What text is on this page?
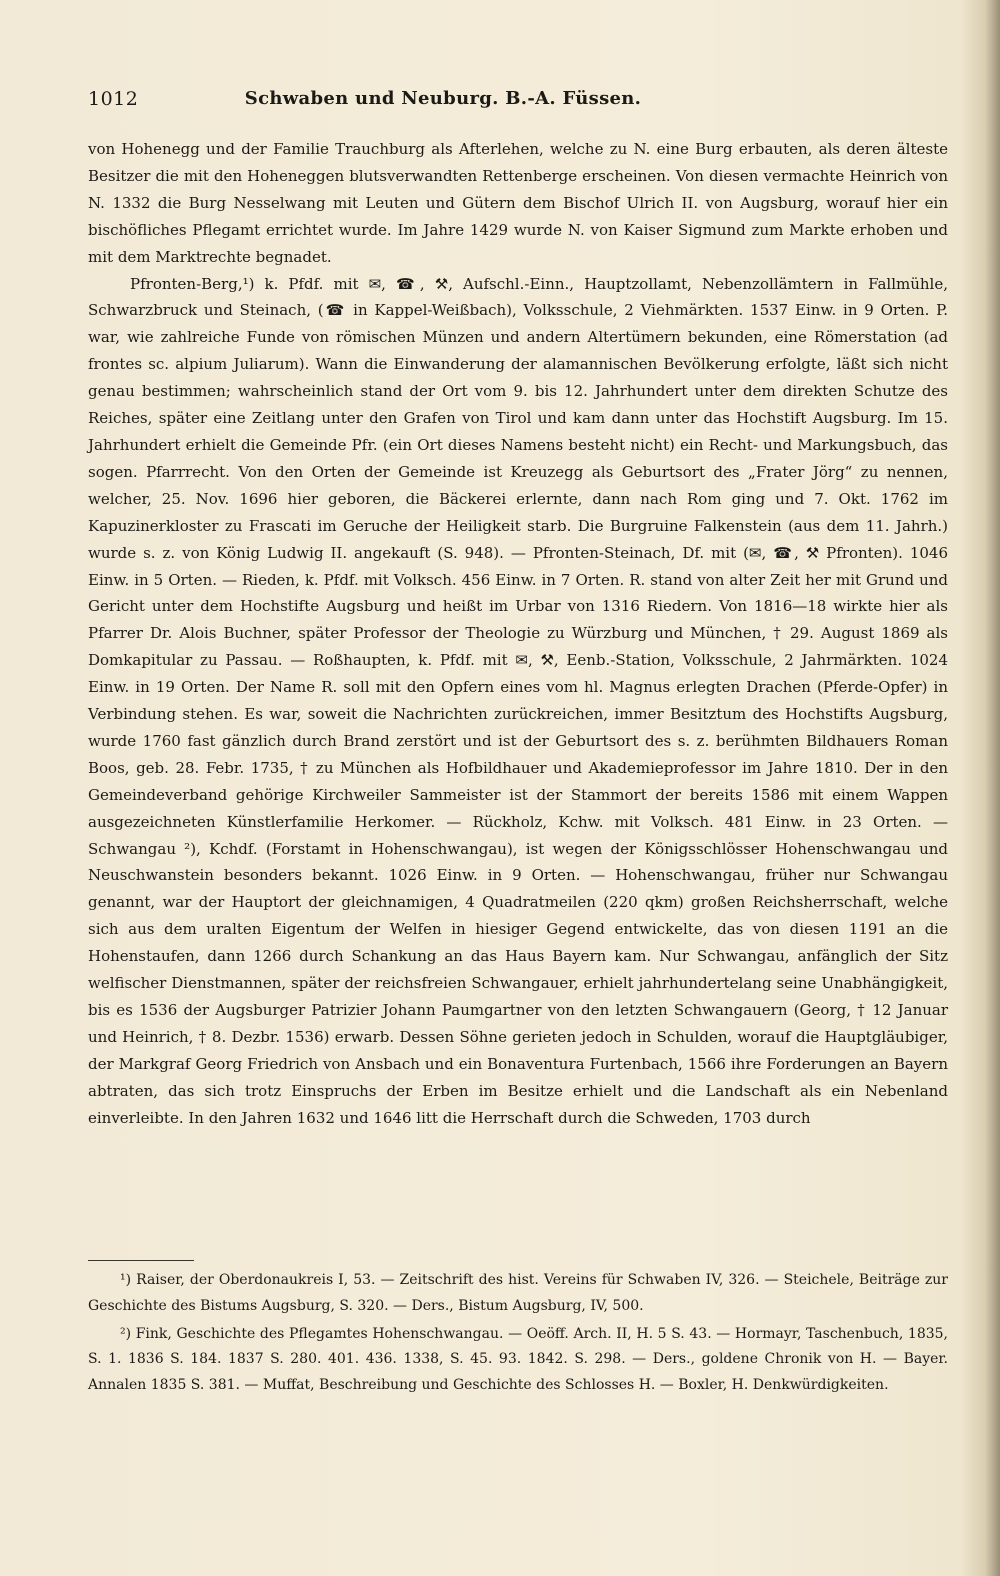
1012	Schwaben und Neuburg. B.-A. Füssen.

von Hohenegg und der Familie Trauchburg als Afterlehen, welche zu N. eine Burg erbauten, als deren älteste Besitzer die mit den Hoheneggen blutsverwandten Rettenberge erscheinen. Von diesen vermachte Heinrich von N. 1332 die Burg Nesselwang mit Leuten und Gütern dem Bischof Ulrich II. von Augsburg, worauf hier ein bischöfliches Pflegamt errichtet wurde. Im Jahre 1429 wurde N. von Kaiser Sigmund zum Markte erhoben und mit dem Marktrechte begnadet.

Pfronten-Berg,¹) k. Pfdf. mit ✉, ☎, ⚒, Aufschl.-Einn., Hauptzollamt, Nebenzollämtern in Fallmühle, Schwarzbruck und Steinach, (☎ in Kappel-Weißbach), Volksschule, 2 Viehmärkten. 1537 Einw. in 9 Orten. P. war, wie zahlreiche Funde von römischen Münzen und andern Altertümern bekunden, eine Römerstation (ad frontes sc. alpium Juliarum). Wann die Einwanderung der alamannischen Bevölkerung erfolgte, läßt sich nicht genau bestimmen; wahrscheinlich stand der Ort vom 9. bis 12. Jahrhundert unter dem direkten Schutze des Reiches, später eine Zeitlang unter den Grafen von Tirol und kam dann unter das Hochstift Augsburg. Im 15. Jahrhundert erhielt die Gemeinde Pfr. (ein Ort dieses Namens besteht nicht) ein Recht- und Markungsbuch, das sogen. Pfarrrecht. Von den Orten der Gemeinde ist Kreuzegg als Geburtsort des „Frater Jörg“ zu nennen, welcher, 25. Nov. 1696 hier geboren, die Bäckerei erlernte, dann nach Rom ging und 7. Okt. 1762 im Kapuzinerkloster zu Frascati im Geruche der Heiligkeit starb. Die Burgruine Falkenstein (aus dem 11. Jahrh.) wurde s. z. von König Ludwig II. angekauft (S. 948). — Pfronten-Steinach, Df. mit (✉, ☎, ⚒ Pfronten). 1046 Einw. in 5 Orten. — Rieden, k. Pfdf. mit Volksch. 456 Einw. in 7 Orten. R. stand von alter Zeit her mit Grund und Gericht unter dem Hochstifte Augsburg und heißt im Urbar von 1316 Riedern. Von 1816—18 wirkte hier als Pfarrer Dr. Alois Buchner, später Professor der Theologie zu Würzburg und München, † 29. August 1869 als Domkapitular zu Passau. — Roßhaupten, k. Pfdf. mit ✉, ⚒, Eenb.-Station, Volksschule, 2 Jahrmärkten. 1024 Einw. in 19 Orten. Der Name R. soll mit den Opfern eines vom hl. Magnus erlegten Drachen (Pferde-Opfer) in Verbindung stehen. Es war, soweit die Nachrichten zurückreichen, immer Besitztum des Hochstifts Augsburg, wurde 1760 fast gänzlich durch Brand zerstört und ist der Geburtsort des s. z. berühmten Bildhauers Roman Boos, geb. 28. Febr. 1735, † zu München als Hofbildhauer und Akademieprofessor im Jahre 1810. Der in den Gemeindeverband gehörige Kirchweiler Sammeister ist der Stammort der bereits 1586 mit einem Wappen ausgezeichneten Künstlerfamilie Herkomer. — Rückholz, Kchw. mit Volksch. 481 Einw. in 23 Orten. — Schwangau ²), Kchdf. (Forstamt in Hohenschwangau), ist wegen der Königsschlösser Hohenschwangau und Neuschwanstein besonders bekannt. 1026 Einw. in 9 Orten. — Hohenschwangau, früher nur Schwangau genannt, war der Hauptort der gleichnamigen, 4 Quadratmeilen (220 qkm) großen Reichsherrschaft, welche sich aus dem uralten Eigentum der Welfen in hiesiger Gegend entwickelte, das von diesen 1191 an die Hohenstaufen, dann 1266 durch Schankung an das Haus Bayern kam. Nur Schwangau, anfänglich der Sitz welfischer Dienstmannen, später der reichsfreien Schwangauer, erhielt jahrhundertelang seine Unabhängigkeit, bis es 1536 der Augsburger Patrizier Johann Paumgartner von den letzten Schwangauern (Georg, † 12 Januar und Heinrich, † 8. Dezbr. 1536) erwarb. Dessen Söhne gerieten jedoch in Schulden, worauf die Hauptgläubiger, der Markgraf Georg Friedrich von Ansbach und ein Bonaventura Furtenbach, 1566 ihre Forderungen an Bayern abtraten, das sich trotz Einspruchs der Erben im Besitze erhielt und die Landschaft als ein Nebenland einverleibte. In den Jahren 1632 und 1646 litt die Herrschaft durch die Schweden, 1703 durch

¹) Raiser, der Oberdonaukreis I, 53. — Zeitschrift des hist. Vereins für Schwaben IV, 326. — Steichele, Beiträge zur Geschichte des Bistums Augsburg, S. 320. — Ders., Bistum Augsburg, IV, 500.

²) Fink, Geschichte des Pflegamtes Hohenschwangau. — Oeöff. Arch. II, H. 5 S. 43. — Hormayr, Taschenbuch, 1835, S. 1. 1836 S. 184. 1837 S. 280. 401. 436. 1338, S. 45. 93. 1842. S. 298. — Ders., goldene Chronik von H. — Bayer. Annalen 1835 S. 381. — Muffat, Beschreibung und Geschichte des Schlosses H. — Boxler, H. Denkwürdigkeiten.
